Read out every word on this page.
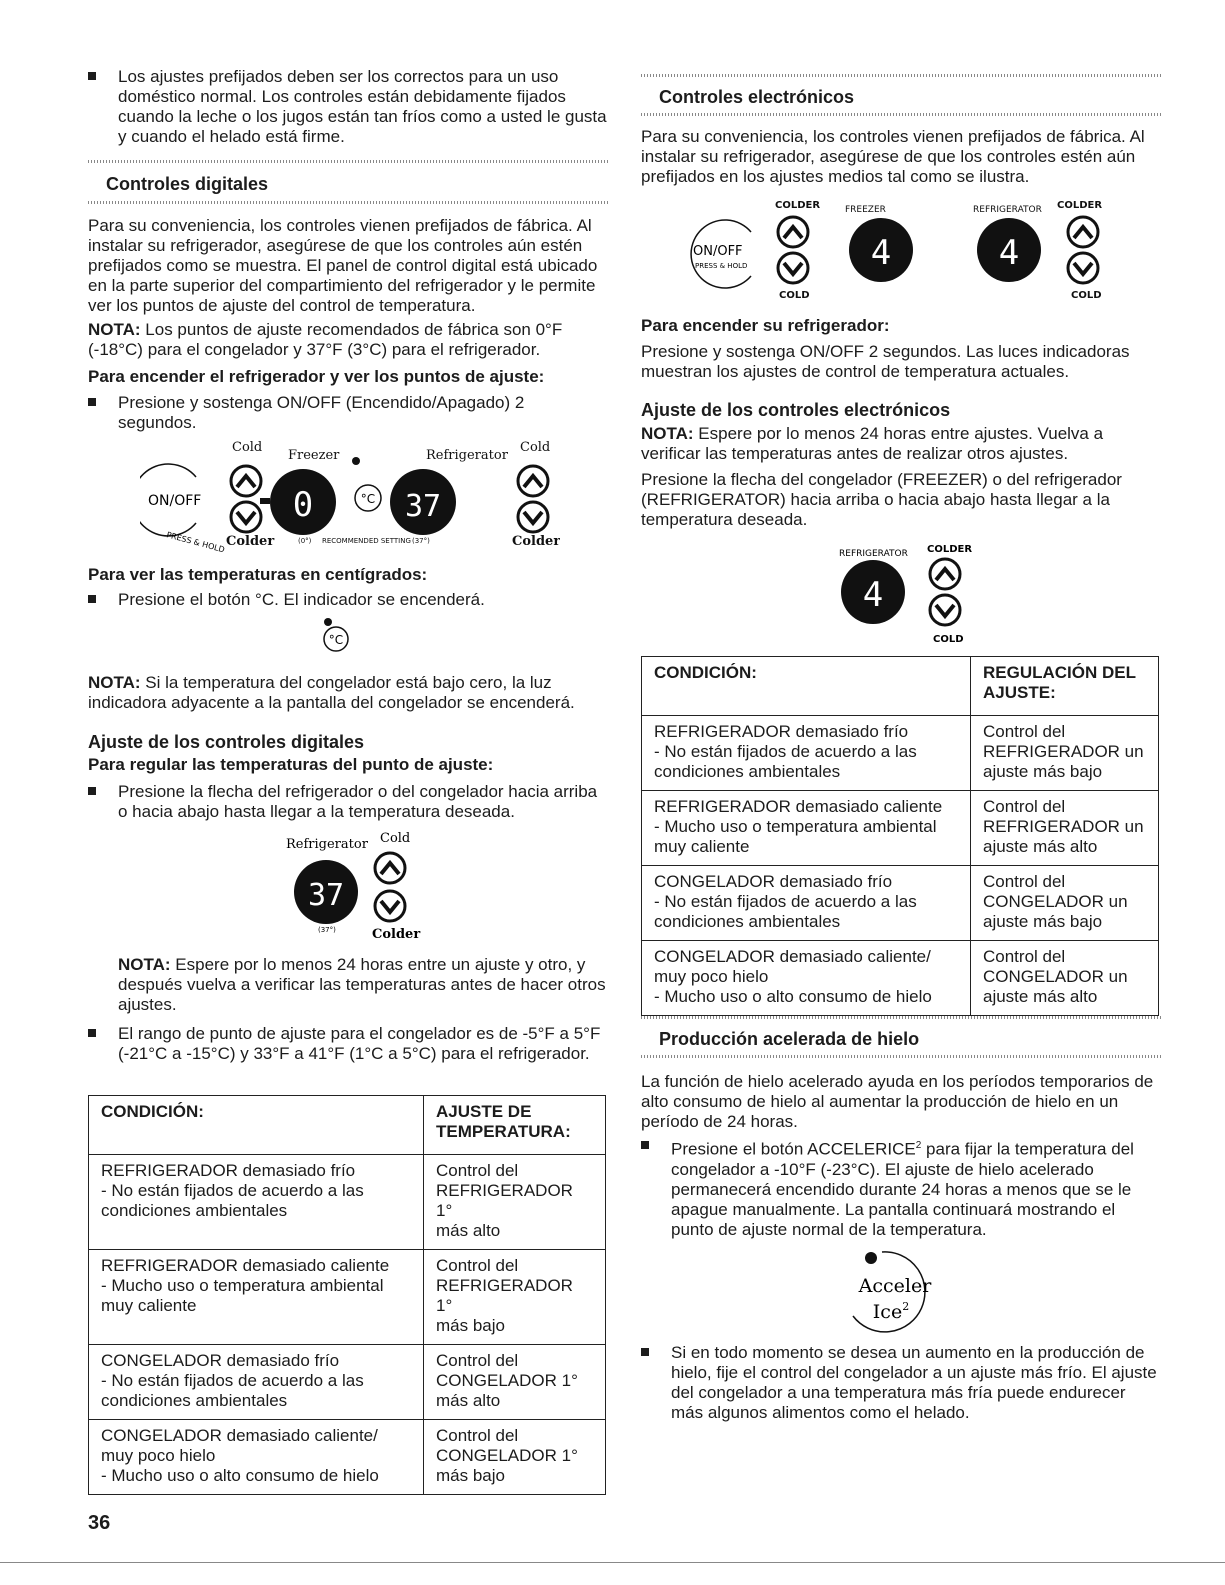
Los ajustes prefijados deben ser los correctos para un uso doméstico normal. Los controles están debidamente fijados cuando la leche o los jugos están tan fríos como a usted le gusta y cuando el helado está firme.
Controles digitales
Para su conveniencia, los controles vienen prefijados de fábrica. Al instalar su refrigerador, asegúrese de que los controles aún estén prefijados como se muestra. El panel de control digital está ubicado en la parte superior del compartimiento del refrigerador y le permite ver los puntos de ajuste del control de temperatura.
NOTA: Los puntos de ajuste recomendados de fábrica son 0°F (-18°C) para el congelador y 37°F (3°C) para el refrigerador.
Para encender el refrigerador y ver los puntos de ajuste:
Presione y sostenga ON/OFF (Encendido/Apagado) 2 segundos.
Cold
Freezer	Refrigerator
Cold
Colder	Colder
ON/OFF
PRESS & HOLD
0	°C 37
(0°) RECOMMENDED SETTING (37°)
Para ver las temperaturas en centígrados:
Presione el botón °C. El indicador se encenderá.
°C
NOTA: Si la temperatura del congelador está bajo cero, la luz indicadora adyacente a la pantalla del congelador se encenderá.
Ajuste de los controles digitales
Para regular las temperaturas del punto de ajuste:
Presione la flecha del refrigerador o del congelador hacia arriba o hacia abajo hasta llegar a la temperatura deseada.
Refrigerator Cold
37
(37°)	Colder
NOTA: Espere por lo menos 24 horas entre un ajuste y otro, y después vuelva a verificar las temperaturas antes de hacer otros ajustes.
El rango de punto de ajuste para el congelador es de -5°F a 5°F (-21°C a -15°C) y 33°F a 41°F (1°C a 5°C) para el refrigerador.
CONDICIÓN:	AJUSTE DE
TEMPERATURA:

REFRIGERADOR demasiado frío
- No están fijados de acuerdo a las
condiciones ambientales	Control del
REFRIGERADOR 1°
más alto

REFRIGERADOR demasiado caliente
- Mucho uso o temperatura ambiental
muy caliente	Control del
REFRIGERADOR 1°
más bajo

CONGELADOR demasiado frío
- No están fijados de acuerdo a las
condiciones ambientales	Control del
CONGELADOR 1°
más alto

CONGELADOR demasiado caliente/
muy poco hielo
- Mucho uso o alto consumo de hielo	Control del
CONGELADOR 1°
más bajo
Controles electrónicos
Para su conveniencia, los controles vienen prefijados de fábrica. Al instalar su refrigerador, asegúrese de que los controles estén aún prefijados en los ajustes medios tal como se ilustra.
COLDER	FREEZER	REFRIGERATOR COLDER
COLD	COLD
ON/OFF
PRESS & HOLD	4	4
Para encender su refrigerador:
Presione y sostenga ON/OFF 2 segundos. Las luces indicadoras muestran los ajustes de control de temperatura actuales.
Ajuste de los controles electrónicos
NOTA: Espere por lo menos 24 horas entre ajustes. Vuelva a verificar las temperaturas antes de realizar otros ajustes.
Presione la flecha del congelador (FREEZER) o del refrigerador (REFRIGERATOR) hacia arriba o hacia abajo hasta llegar a la temperatura deseada.
REFRIGERATOR COLDER
4
COLD
CONDICIÓN:	REGULACIÓN DEL
AJUSTE:

REFRIGERADOR demasiado frío
- No están fijados de acuerdo a las
condiciones ambientales	Control del
REFRIGERADOR un
ajuste más bajo

REFRIGERADOR demasiado caliente
- Mucho uso o temperatura ambiental
muy caliente	Control del
REFRIGERADOR un
ajuste más alto

CONGELADOR demasiado frío
- No están fijados de acuerdo a las
condiciones ambientales	Control del
CONGELADOR un
ajuste más bajo

CONGELADOR demasiado caliente/
muy poco hielo
- Mucho uso o alto consumo de hielo	Control del
CONGELADOR un
ajuste más alto
Producción acelerada de hielo
La función de hielo acelerado ayuda en los períodos temporarios de alto consumo de hielo al aumentar la producción de hielo en un período de 24 horas.
Presione el botón ACCELERICE$^2$ para fijar la temperatura del congelador a -10°F (-23°C). El ajuste de hielo acelerado permanecerá encendido durante 24 horas a menos que se le apague manualmente. La pantalla continuará mostrando el punto de ajuste normal de la temperatura.
Acceler
Ice$^2$
Si en todo momento se desea un aumento en la producción de hielo, fije el control del congelador a un ajuste más frío. El ajuste del congelador a una temperatura más fría puede endurecer más algunos alimentos como el helado.
36
